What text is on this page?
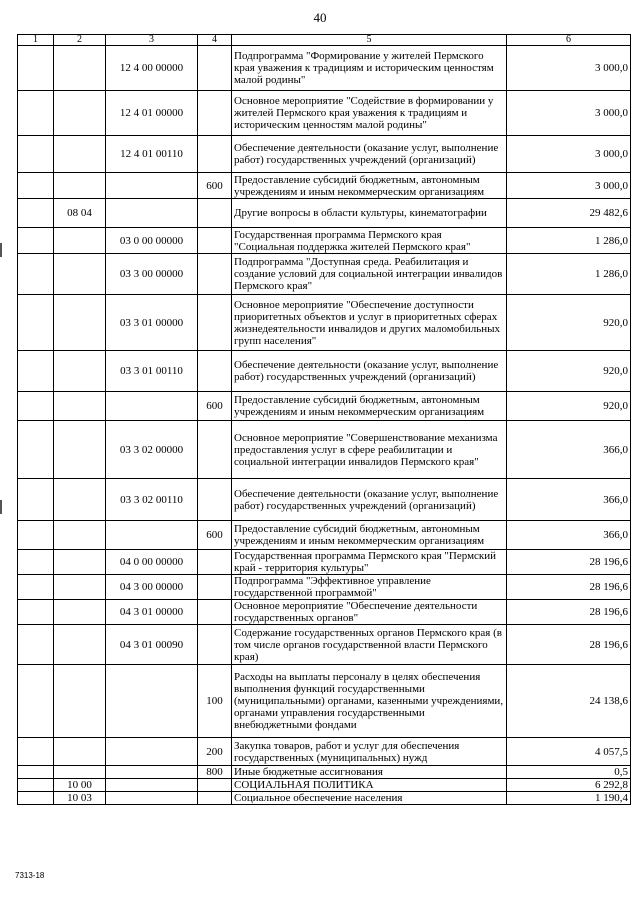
40
1	2	3	4	5	6
		12 4 00 00000		Подпрограмма "Формирование у жителей Пермского края уважения к традициям и историческим ценностям малой родины"	3 000,0
		12 4 01 00000		Основное мероприятие "Содействие в формировании у жителей Пермского края уважения к традициям и историческим ценностям малой родины"	3 000,0
		12 4 01 00110		Обеспечение деятельности (оказание услуг, выполнение работ) государственных учреждений (организаций)	3 000,0
			600	Предоставление субсидий бюджетным, автономным учреждениям и иным некоммерческим организациям	3 000,0
	08 04			Другие вопросы в области культуры, кинематографии	29 482,6
		03 0 00 00000		Государственная программа Пермского края "Социальная поддержка жителей Пермского края"	1 286,0
		03 3 00 00000		Подпрограмма "Доступная среда. Реабилитация и создание условий для социальной интеграции инвалидов Пермского края"	1 286,0
		03 3 01 00000		Основное мероприятие "Обеспечение доступности приоритетных объектов и услуг в приоритетных сферах жизнедеятельности инвалидов и других маломобильных групп населения"	920,0
		03 3 01 00110		Обеспечение деятельности (оказание услуг, выполнение работ) государственных учреждений (организаций)	920,0
			600	Предоставление субсидий бюджетным, автономным учреждениям и иным некоммерческим организациям	920,0
		03 3 02 00000		Основное мероприятие "Совершенствование механизма предоставления услуг в сфере реабилитации и социальной интеграции инвалидов Пермского края"	366,0
		03 3 02 00110		Обеспечение деятельности (оказание услуг, выполнение работ) государственных учреждений (организаций)	366,0
			600	Предоставление субсидий бюджетным, автономным учреждениям и иным некоммерческим организациям	366,0
		04 0 00 00000		Государственная программа Пермского края "Пермский край - территория культуры"	28 196,6
		04 3 00 00000		Подпрограмма "Эффективное управление государственной программой"	28 196,6
		04 3 01 00000		Основное мероприятие "Обеспечение деятельности государственных органов"	28 196,6
		04 3 01 00090		Содержание государственных органов Пермского края (в том числе органов государственной власти Пермского края)	28 196,6
			100	Расходы на выплаты персоналу в целях обеспечения выполнения функций государственными (муниципальными) органами, казенными учреждениями, органами управления государственными внебюджетными фондами	24 138,6
			200	Закупка товаров, работ и услуг для обеспечения государственных (муниципальных) нужд	4 057,5
			800	Иные бюджетные ассигнования	0,5
	10 00			СОЦИАЛЬНАЯ ПОЛИТИКА	6 292,8
	10 03			Социальное обеспечение населения	1 190,4
7313-18
